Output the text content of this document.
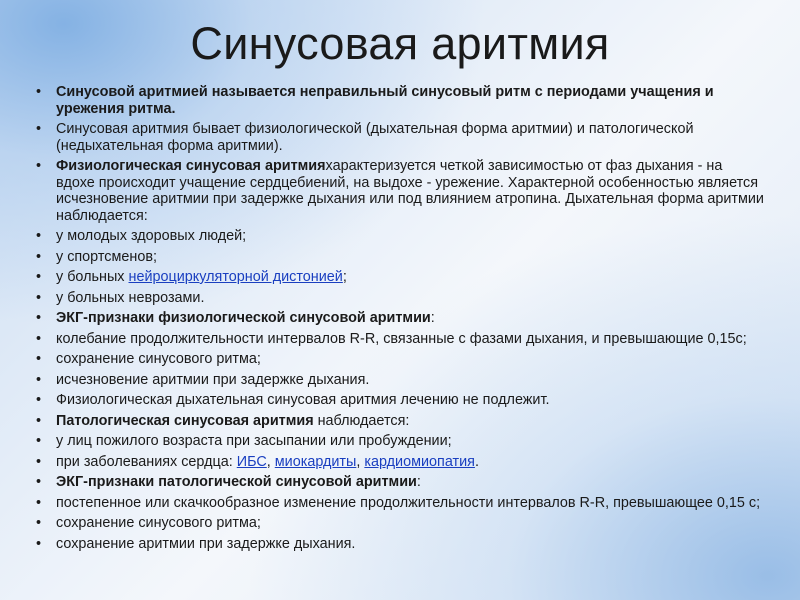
Синусовая аритмия
• Синусовой аритмией называется неправильный синусовый ритм с периодами учащения и урежения ритма.
• Синусовая аритмия бывает физиологической (дыхательная форма аритмии) и патологической (недыхательная форма аритмии).
• Физиологическая синусовая аритмияхарактеризуется четкой зависимостью от фаз дыхания - на вдохе происходит учащение сердцебиений, на выдохе - урежение. Характерной особенностью является исчезновение аритмии при задержке дыхания или под влиянием атропина. Дыхательная форма аритмии наблюдается:
• у молодых здоровых людей;
• у спортсменов;
• у больных нейроциркуляторной дистонией;
• у больных неврозами.
• ЭКГ-признаки физиологической синусовой аритмии:
• колебание продолжительности интервалов R-R, связанные с фазами дыхания, и превышающие 0,15с;
• сохранение синусового ритма;
• исчезновение аритмии при задержке дыхания.
• Физиологическая дыхательная синусовая аритмия лечению не подлежит.
• Патологическая синусовая аритмия наблюдается:
• у лиц пожилого возраста при засыпании или пробуждении;
• при заболеваниях сердца: ИБС, миокардиты, кардиомиопатия.
• ЭКГ-признаки патологической синусовой аритмии:
• постепенное или скачкообразное изменение продолжительности интервалов R-R, превышающее 0,15 с;
• сохранение синусового ритма;
• сохранение аритмии при задержке дыхания.
